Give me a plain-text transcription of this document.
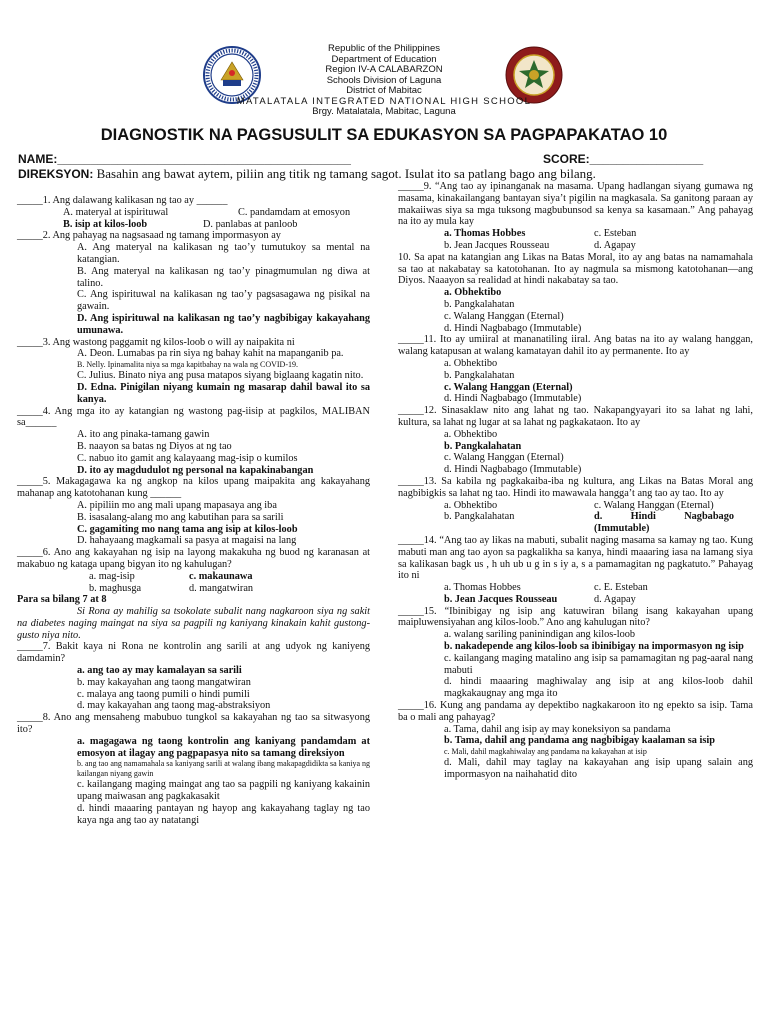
Republic of the Philippines
Department of Education
Region IV-A CALABARZON
Schools Division of Laguna
District of Mabitac
MATALATALA INTEGRATED NATIONAL HIGH SCHOOL
Brgy. Matalatala, Mabitac, Laguna
DIAGNOSTIK NA PAGSUSULIT SA EDUKASYON SA PAGPAPAKATAO 10
NAME:____________________________________________	SCORE:_________________
DIREKSYON: Basahin ang bawat aytem, piliin ang titik ng tamang sagot. Isulat ito sa patlang bago ang bilang.

_____1. Ang dalawang kalikasan ng tao ay ______

A. materyal at ispirituwal	C. pandamdam at emosyon

B. isip at kilos-loob	D. panlabas at panloob

_____2. Ang pahayag na nagsasaad ng tamang impormasyon ay

A. Ang materyal na kalikasan ng tao’y tumutukoy sa mental na katangian.

B. Ang materyal na kalikasan ng tao’y pinagmumulan ng diwa at talino.

C. Ang ispirituwal na kalikasan ng tao’y pagsasagawa ng pisikal na gawain.

D. Ang ispirituwal na kalikasan ng tao’y nagbibigay kakayahang umunawa.

_____3. Ang wastong paggamit ng kilos-loob o will ay naipakita ni

A. Deon. Lumabas pa rin siya ng bahay kahit na mapanganib pa.

B. Nelly. Ipinamalita niya sa mga kapitbahay na wala ng COVID-19.

C. Julius. Binato niya ang pusa matapos siyang biglaang kagatin nito.

D. Edna. Pinigilan niyang kumain ng masarap dahil bawal ito sa kanya.

_____4. Ang mga ito ay katangian ng wastong pag-iisip at pagkilos, MALIBAN sa______

A. ito ang pinaka-tamang gawin

B. naayon sa batas ng Diyos at ng tao

C. nabuo ito gamit ang kalayaang mag-isip o kumilos

D. ito ay magdudulot ng personal na kapakinabangan

_____5. Makagagawa ka ng angkop na kilos upang maipakita ang kakayahang mahanap ang katotohanan kung ______

A. pipiliin mo ang mali upang mapasaya ang iba

B. isasalang-alang mo ang kabutihan para sa sarili

C. gagamiting mo nang tama ang isip at kilos-loob

D. hahayaang magkamali sa pasya at magaisi na lang

_____6. Ano ang kakayahan ng isip na layong makakuha ng buod ng karanasan at makabuo ng kataga upang bigyan ito ng kahulugan?

a. mag-isip	c. makaunawa

b. maghusga	d. mangatwiran

Para sa bilang 7 at 8

Si Rona ay mahilig sa tsokolate subalit nang nagkaroon siya ng sakit na diabetes naging maingat na siya sa pagpili ng kaniyang kinakain kahit gustong-gusto niya nito.

_____7. Bakit kaya ni Rona ne kontrolin ang sarili at ang udyok ng kaniyeng damdamin?

a. ang tao ay may kamalayan sa sarili

b. may kakayahan ang taong mangatwiran

c. malaya ang taong pumili o hindi pumili

d. may kakayahan ang taong mag-abstraksiyon

_____8. Ano ang mensaheng mabubuo tungkol sa kakayahan ng tao sa sitwasyong ito?

a. magagawa ng taong kontrolin ang kaniyang pandamdam at emosyon at ilagay ang pagpapasya nito sa tamang direksiyon

b. ang tao ang namamahala sa kaniyang sarili at walang ibang makapagdidikta sa kaniya ng kailangan niyang gawin

c. kailangang maging maingat ang tao sa pagpili ng kaniyang kakainin upang maiwasan ang pagkakasakit

d. hindi maaaring pantayan ng hayop ang kakayahang taglay ng tao kaya nga ang tao ay natatangi

_____9. “Ang tao ay ipinanganak na masama. Upang hadlangan siyang gumawa ng masama, kinakailangang bantayan siya’t pigilin na magkasala. Sa ganitong paraan ay makaiiwas siya sa mga tuksong magbubunsod sa kenya sa kasamaan.” Ang pahayag na ito ay mula kay

a. Thomas Hobbes	c. Esteban

b. Jean Jacques Rousseau	d. Agapay

10. Sa apat na katangian ang Likas na Batas Moral, ito ay ang batas na namamahala sa tao at nakabatay sa katotohanan. Ito ay nagmula sa mismong katotohanan—ang Diyos. Naaayon sa realidad at hindi nakabatay sa tao.

a. Obhektibo

b. Pangkalahatan

c. Walang Hanggan (Eternal)

d. Hindi Nagbabago (Immutable)

_____11. Ito ay umiiral at mananatiling iiral. Ang batas na ito ay walang hanggan, walang katapusan at walang kamatayan dahil ito ay permanente. Ito ay

a. Obhektibo

b. Pangkalahatan

c. Walang Hanggan (Eternal)

d. Hindi Nagbabago (Immutable)

_____12. Sinasaklaw nito ang lahat ng tao. Nakapangyayari ito sa lahat ng lahi, kultura, sa lahat ng lugar at sa lahat ng pagkakataon. Ito ay

a. Obhektibo

b. Pangkalahatan

c. Walang Hanggan (Eternal)

d. Hindi Nagbabago (Immutable)

_____13. Sa kabila ng pagkakaiba-iba ng kultura, ang Likas na Batas Moral ang nagbibigkis sa lahat ng tao. Hindi ito mawawala hangga’t ang tao ay tao. Ito ay

a. Obhektibo	c. Walang Hanggan (Eternal)

b. Pangkalahatan	d. Hindi Nagbabago (Immutable)

_____14. “Ang tao ay likas na mabuti, subalit naging masama sa kamay ng tao. Kung mabuti man ang tao ayon sa pagkalikha sa kanya, hindi maaaring iasa na lamang siya sa kalikasan bagk us , h uh ub u g in s iy a, s a pamamagitan ng pagkatuto.” Pahayag ito ni

a. Thomas Hobbes	c. E. Esteban

b. Jean Jacques Rousseau	d. Agapay

_____15. “Ibinibigay ng isip ang katuwiran bilang isang kakayahan upang maipluwensiyahan ang kilos-loob.” Ano ang kahulugan nito?

a. walang sariling paninindigan ang kilos-loob

b. nakadepende ang kilos-loob sa ibinibigay na impormasyon ng isip

c. kailangang maging matalino ang isip sa pamamagitan ng pag-aaral nang mabuti

d. hindi maaaring maghiwalay ang isip at ang kilos-loob dahil magkakaugnay ang mga ito

_____16. Kung ang pandama ay depektibo nagkakaroon ito ng epekto sa isip. Tama ba o mali ang pahayag?

a. Tama, dahil ang isip ay may koneksiyon sa pandama

b. Tama, dahil ang pandama ang nagbibigay kaalaman sa isip

c. Mali, dahil magkahiwalay ang pandama na kakayahan at isip

d. Mali, dahil may taglay na kakayahan ang isip upang salain ang impormasyon na naihahatid dito
